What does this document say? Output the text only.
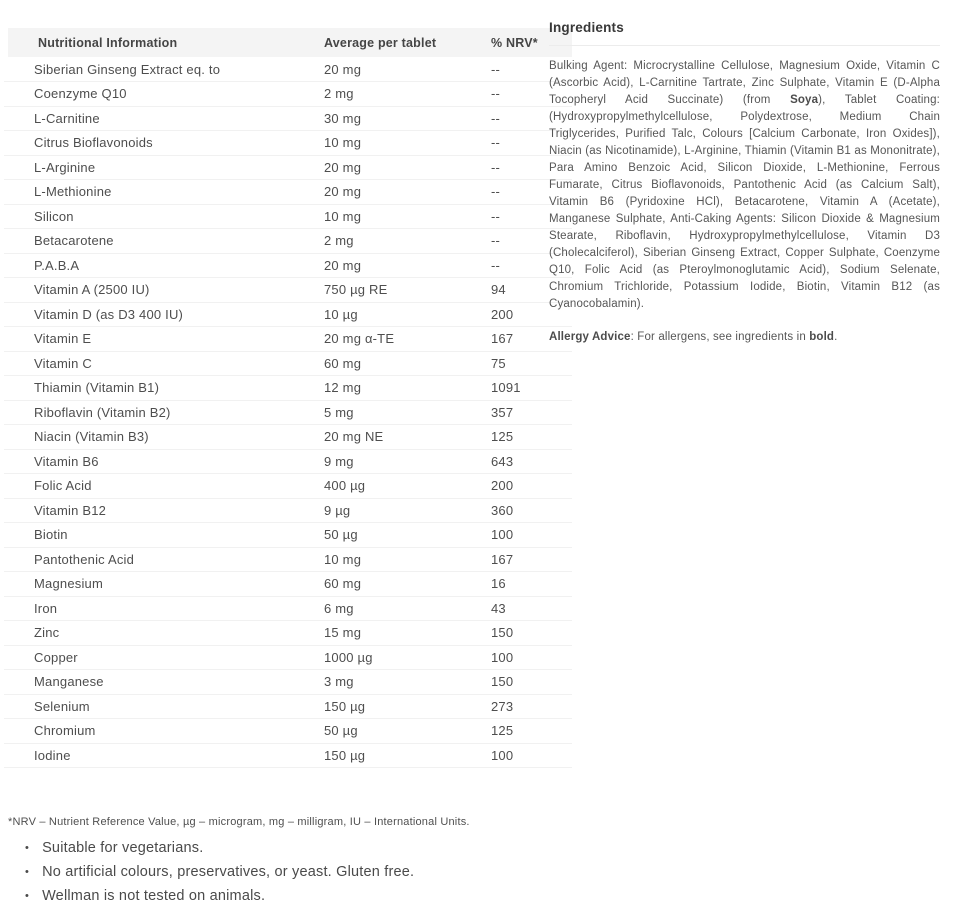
Nutritional Information	Average per tablet	% NRV*
Siberian Ginseng Extract eq. to	20 mg	--
Coenzyme Q10	2 mg	--
L-Carnitine	30 mg	--
Citrus Bioflavonoids	10 mg	--
L-Arginine	20 mg	--
L-Methionine	20 mg	--
Silicon	10 mg	--
Betacarotene	2 mg	--
P.A.B.A	20 mg	--
Vitamin A (2500 IU)	750 µg RE	94
Vitamin D (as D3 400 IU)	10 µg	200
Vitamin E	20 mg α-TE	167
Vitamin C	60 mg	75
Thiamin (Vitamin B1)	12 mg	1091
Riboflavin (Vitamin B2)	5 mg	357
Niacin (Vitamin B3)	20 mg NE	125
Vitamin B6	9 mg	643
Folic Acid	400 µg	200
Vitamin B12	9 µg	360
Biotin	50 µg	100
Pantothenic Acid	10 mg	167
Magnesium	60 mg	16
Iron	6 mg	43
Zinc	15 mg	150
Copper	1000 µg	100
Manganese	3 mg	150
Selenium	150 µg	273
Chromium	50 µg	125
Iodine	150 µg	100
Ingredients

Bulking Agent: Microcrystalline Cellulose, Magnesium Oxide, Vitamin C (Ascorbic Acid), L-Carnitine Tartrate, Zinc Sulphate, Vitamin E (D-Alpha Tocopheryl Acid Succinate) (from Soya), Tablet Coating: (Hydroxypropylmethylcellulose, Polydextrose, Medium Chain Triglycerides, Purified Talc, Colours [Calcium Carbonate, Iron Oxides]), Niacin (as Nicotinamide), L-Arginine, Thiamin (Vitamin B1 as Mononitrate), Para Amino Benzoic Acid, Silicon Dioxide, L-Methionine, Ferrous Fumarate, Citrus Bioflavonoids, Pantothenic Acid (as Calcium Salt), Vitamin B6 (Pyridoxine HCl), Betacarotene, Vitamin A (Acetate), Manganese Sulphate, Anti-Caking Agents: Silicon Dioxide & Magnesium Stearate, Riboflavin, Hydroxypropylmethylcellulose, Vitamin D3 (Cholecalciferol), Siberian Ginseng Extract, Copper Sulphate, Coenzyme Q10, Folic Acid (as Pteroylmonoglutamic Acid), Sodium Selenate, Chromium Trichloride, Potassium Iodide, Biotin, Vitamin B12 (as Cyanocobalamin).

Allergy Advice: For allergens, see ingredients in bold.

*NRV – Nutrient Reference Value, µg – microgram, mg – milligram, IU – International Units.
• Suitable for vegetarians.
• No artificial colours, preservatives, or yeast. Gluten free.
• Wellman is not tested on animals.
